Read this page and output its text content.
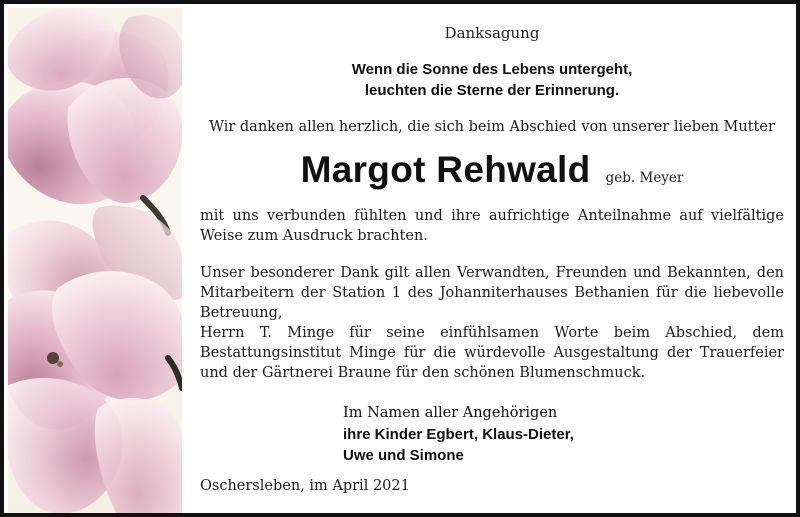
Danksagung
Wenn die Sonne des Lebens untergeht,
leuchten die Sterne der Erinnerung.
Wir danken allen herzlich, die sich beim Abschied von unserer lieben Mutter
Margot Rehwald geb. Meyer
mit uns verbunden fühlten und ihre aufrichtige Anteilnahme auf vielfältige
Weise zum Ausdruck brachten.
Unser besonderer Dank gilt allen Verwandten, Freunden und Bekannten, den
Mitarbeitern der Station 1 des Johanniterhauses Bethanien für die liebevolle
Betreuung,
Herrn T. Minge für seine einfühlsamen Worte beim Abschied, dem
Bestattungsinstitut Minge für die würdevolle Ausgestaltung der Trauerfeier
und der Gärtnerei Braune für den schönen Blumenschmuck.
Im Namen aller Angehörigen
ihre Kinder Egbert, Klaus-Dieter,
Uwe und Simone
Oschersleben, im April 2021
